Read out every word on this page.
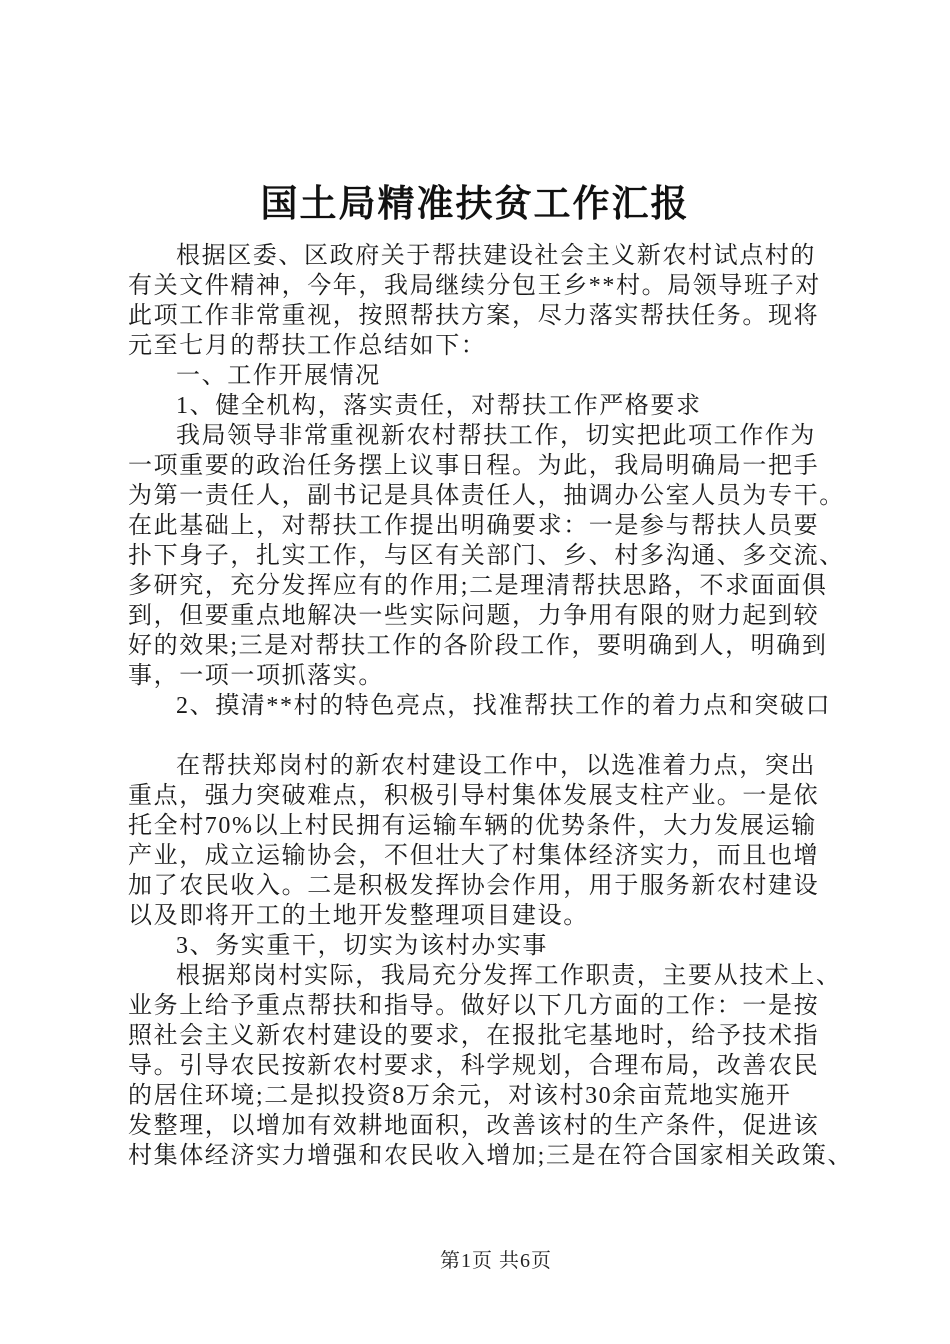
国土局精准扶贫工作汇报
根据区委、区政府关于帮扶建设社会主义新农村试点村的
有关文件精神，今年，我局继续分包王乡**村。局领导班子对
此项工作非常重视，按照帮扶方案，尽力落实帮扶任务。现将
元至七月的帮扶工作总结如下：
一、工作开展情况
1、健全机构，落实责任，对帮扶工作严格要求
我局领导非常重视新农村帮扶工作，切实把此项工作作为
一项重要的政治任务摆上议事日程。为此，我局明确局一把手
为第一责任人，副书记是具体责任人，抽调办公室人员为专干。
在此基础上，对帮扶工作提出明确要求：一是参与帮扶人员要
扑下身子，扎实工作，与区有关部门、乡、村多沟通、多交流、
多研究，充分发挥应有的作用;二是理清帮扶思路，不求面面俱
到，但要重点地解决一些实际问题，力争用有限的财力起到较
好的效果;三是对帮扶工作的各阶段工作，要明确到人，明确到
事，一项一项抓落实。
2、摸清**村的特色亮点，找准帮扶工作的着力点和突破口
在帮扶郑岗村的新农村建设工作中，以选准着力点，突出
重点，强力突破难点，积极引导村集体发展支柱产业。一是依
托全村70%以上村民拥有运输车辆的优势条件，大力发展运输
产业，成立运输协会，不但壮大了村集体经济实力，而且也增
加了农民收入。二是积极发挥协会作用，用于服务新农村建设
以及即将开工的土地开发整理项目建设。
3、务实重干，切实为该村办实事
根据郑岗村实际，我局充分发挥工作职责，主要从技术上、
业务上给予重点帮扶和指导。做好以下几方面的工作：一是按
照社会主义新农村建设的要求，在报批宅基地时，给予技术指
导。引导农民按新农村要求，科学规划，合理布局，改善农民
的居住环境;二是拟投资8万余元，对该村30余亩荒地实施开
发整理，以增加有效耕地面积，改善该村的生产条件，促进该
村集体经济实力增强和农民收入增加;三是在符合国家相关政策、
第1页 共6页
